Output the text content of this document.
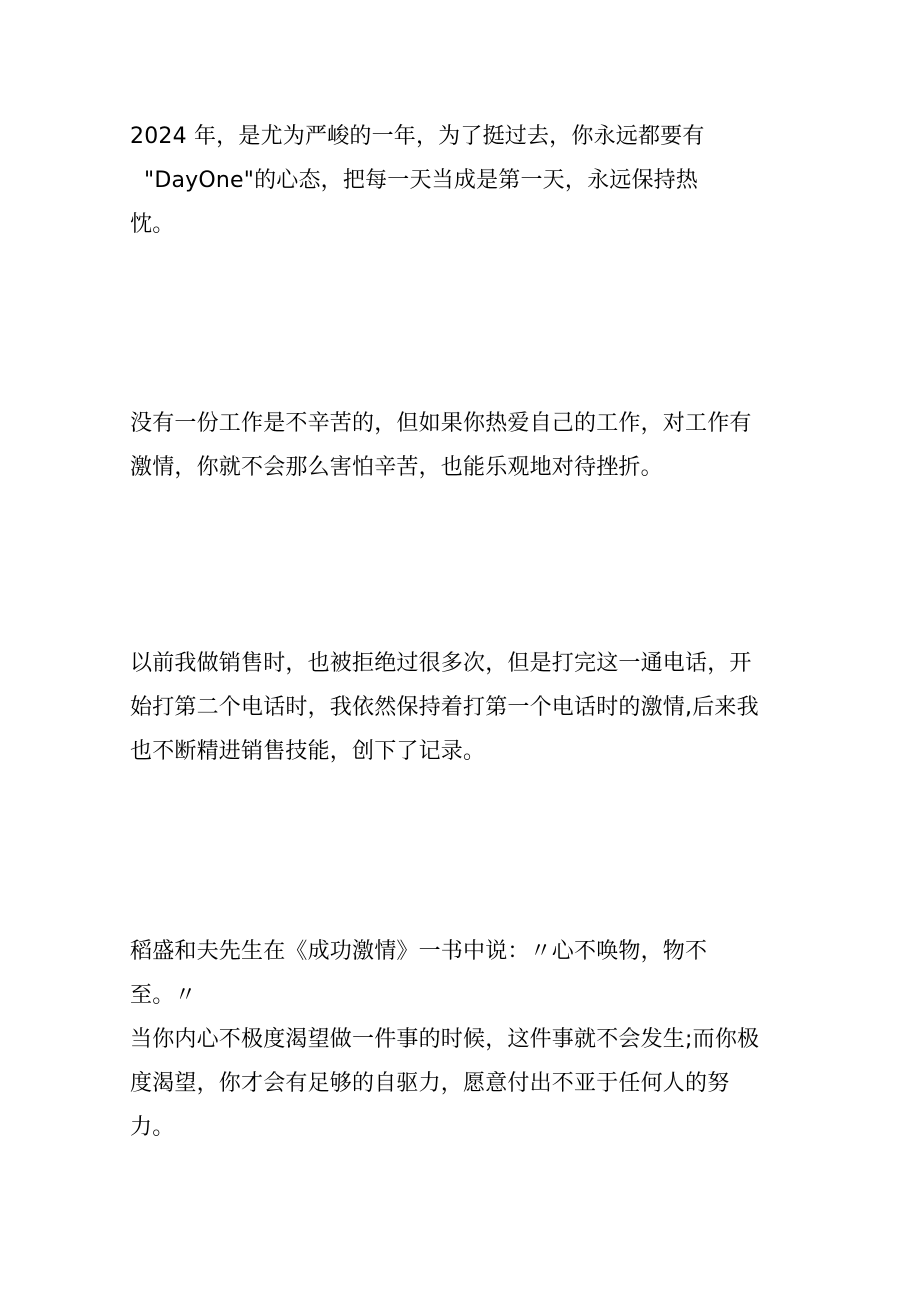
2024 年，是尤为严峻的一年，为了挺过去，你永远都要有
"DayOne"的心态，把每一天当成是第一天，永远保持热
忱。
没有一份工作是不辛苦的，但如果你热爱自己的工作，对工作有
激情，你就不会那么害怕辛苦，也能乐观地对待挫折。
以前我做销售时，也被拒绝过很多次，但是打完这一通电话，开
始打第二个电话时，我依然保持着打第一个电话时的激情,后来我
也不断精进销售技能，创下了记录。
稻盛和夫先生在《成功激情》一书中说：〃心不唤物，物不
至。〃
当你内心不极度渴望做一件事的时候，这件事就不会发生;而你极
度渴望，你才会有足够的自驱力，愿意付出不亚于任何人的努
力。
